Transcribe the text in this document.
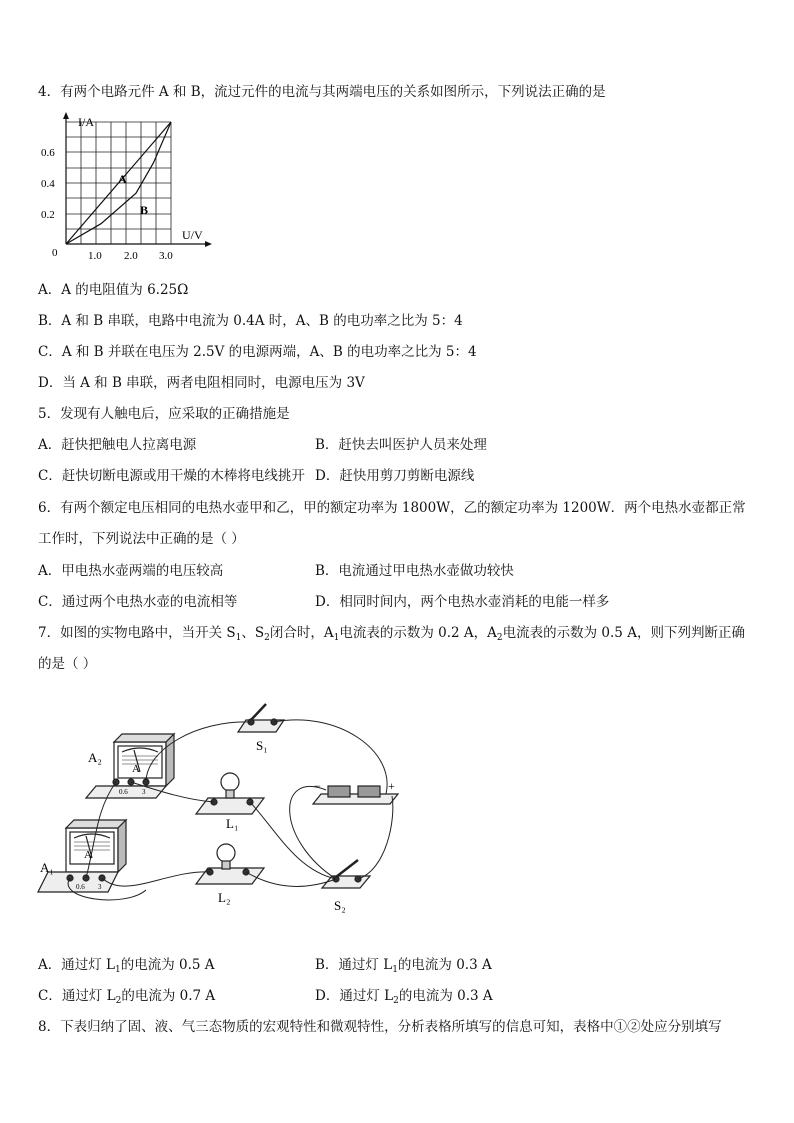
4．有两个电路元件 A 和 B，流过元件的电流与其两端电压的关系如图所示，下列说法正确的是
I/A
U/V
0
0.6
0.4
0.2
1.0 2.0 3.0
A
B
A．A 的电阻值为 6.25Ω
B．A 和 B 串联，电路中电流为 0.4A 时，A、B 的电功率之比为 5：4
C．A 和 B 并联在电压为 2.5V 的电源两端，A、B 的电功率之比为 5：4
D．当 A 和 B 串联，两者电阻相同时，电源电压为 3V
5．发现有人触电后，应采取的正确措施是
A．赶快把触电人拉离电源	B．赶快去叫医护人员来处理
C．赶快切断电源或用干燥的木棒将电线挑开 D．赶快用剪刀剪断电源线
6．有两个额定电压相同的电热水壶甲和乙，甲的额定功率为 1800W，乙的额定功率为 1200W．两个电热水壶都正常
工作时，下列说法中正确的是（ ）
A．甲电热水壶两端的电压较高	B．电流通过甲电热水壶做功较快
C．通过两个电热水壶的电流相等	D．相同时间内，两个电热水壶消耗的电能一样多
7．如图的实物电路中，当开关 $S_1$、$S_2$闭合时，$A_1$电流表的示数为 0.2 A，$A_2$电流表的示数为 0.5 A，则下列判断正确
的是（ ）
A₂
A₁
A
A
0.6 3
0.6 3
S₁
L₁
L₂
S₂
−	+
A．通过灯 $L_1$的电流为 0.5 A	B．通过灯 $L_1$的电流为 0.3 A
C．通过灯 $L_2$的电流为 0.7 A	D．通过灯 $L_2$的电流为 0.3 A
8．下表归纳了固、液、气三态物质的宏观特性和微观特性，分析表格所填写的信息可知，表格中①②处应分别填写
